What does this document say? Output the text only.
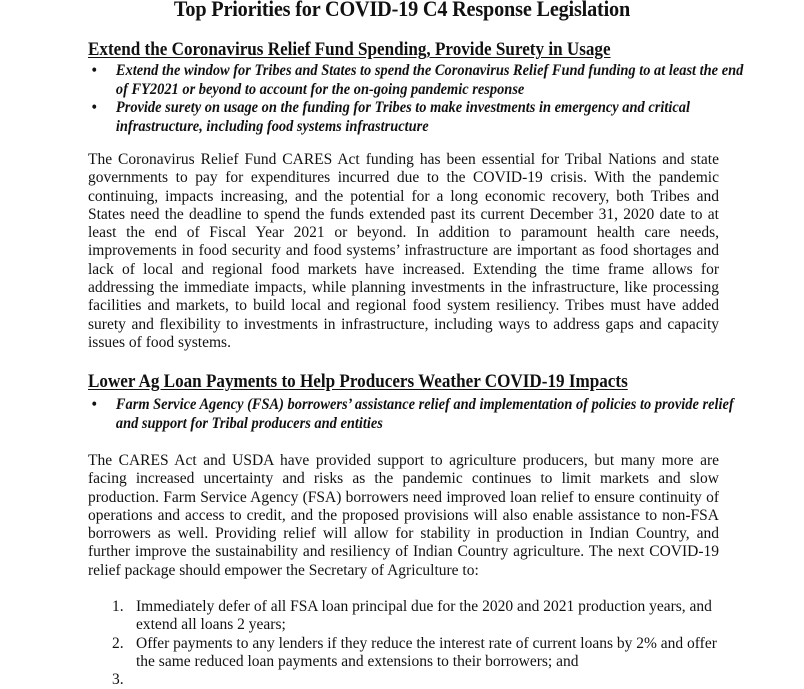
Top Priorities for COVID-19 C4 Response Legislation
Extend the Coronavirus Relief Fund Spending, Provide Surety in Usage
• Extend the window for Tribes and States to spend the Coronavirus Relief Fund funding to at least the end of FY2021 or beyond to account for the on-going pandemic response
• Provide surety on usage on the funding for Tribes to make investments in emergency and critical infrastructure, including food systems infrastructure

The Coronavirus Relief Fund CARES Act funding has been essential for Tribal Nations and state governments to pay for expenditures incurred due to the COVID-19 crisis. With the pandemic continuing, impacts increasing, and the potential for a long economic recovery, both Tribes and States need the deadline to spend the funds extended past its current December 31, 2020 date to at least the end of Fiscal Year 2021 or beyond. In addition to paramount health care needs, improvements in food security and food systems’ infrastructure are important as food shortages and lack of local and regional food markets have increased. Extending the time frame allows for addressing the immediate impacts, while planning investments in the infrastructure, like processing facilities and markets, to build local and regional food system resiliency. Tribes must have added surety and flexibility to investments in infrastructure, including ways to address gaps and capacity issues of food systems.

Lower Ag Loan Payments to Help Producers Weather COVID-19 Impacts
• Farm Service Agency (FSA) borrowers’ assistance relief and implementation of policies to provide relief and support for Tribal producers and entities

The CARES Act and USDA have provided support to agriculture producers, but many more are facing increased uncertainty and risks as the pandemic continues to limit markets and slow production. Farm Service Agency (FSA) borrowers need improved loan relief to ensure continuity of operations and access to credit, and the proposed provisions will also enable assistance to non-FSA borrowers as well. Providing relief will allow for stability in production in Indian Country, and further improve the sustainability and resiliency of Indian Country agriculture. The next COVID-19 relief package should empower the Secretary of Agriculture to:

1. Immediately defer of all FSA loan principal due for the 2020 and 2021 production years, and extend all loans 2 years;
2. Offer payments to any lenders if they reduce the interest rate of current loans by 2% and offer the same reduced loan payments and extensions to their borrowers; and
3.
